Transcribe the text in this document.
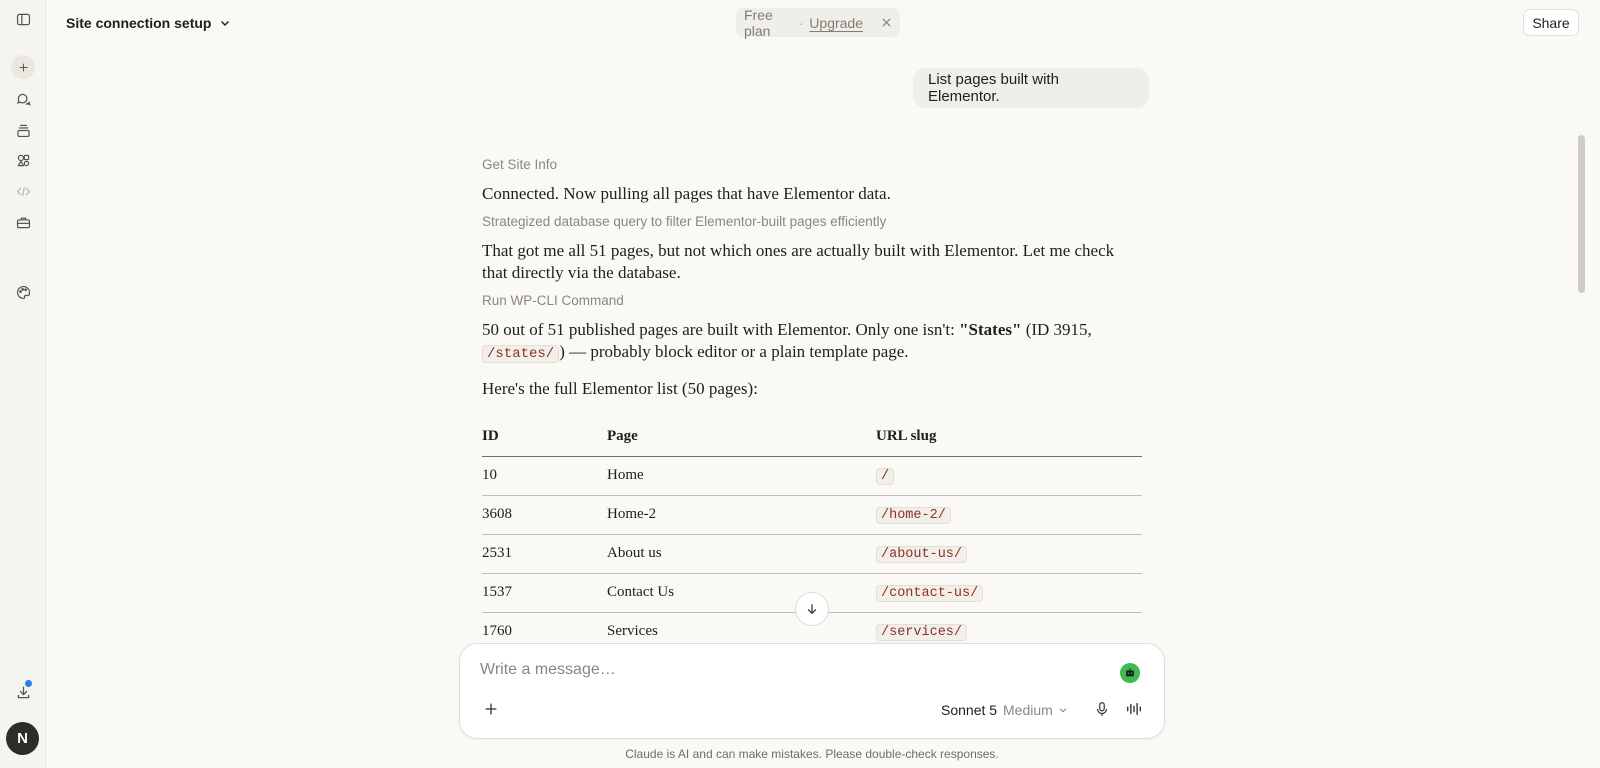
N
Site connection setup
Free plan	· Upgrade	Share
List pages built with Elementor.
Get Site Info

Connected. Now pulling all pages that have Elementor data.

Strategized database query to filter Elementor-built pages efficiently

That got me all 51 pages, but not which ones are actually built with Elementor. Let me check that directly via the database.

Run WP-CLI Command

50 out of 51 published pages are built with Elementor. Only one isn't: "States" (ID 3915, /states/ ) — probably block editor or a plain template page.

Here's the full Elementor list (50 pages):

ID	Page	URL slug
10	Home	/
3608	Home-2	/home-2/
2531	About us	/about-us/
1537	Contact Us	/contact-us/
1760	Services	/services/
Write a message…
Sonnet 5 Medium
Claude is AI and can make mistakes. Please double-check responses.
